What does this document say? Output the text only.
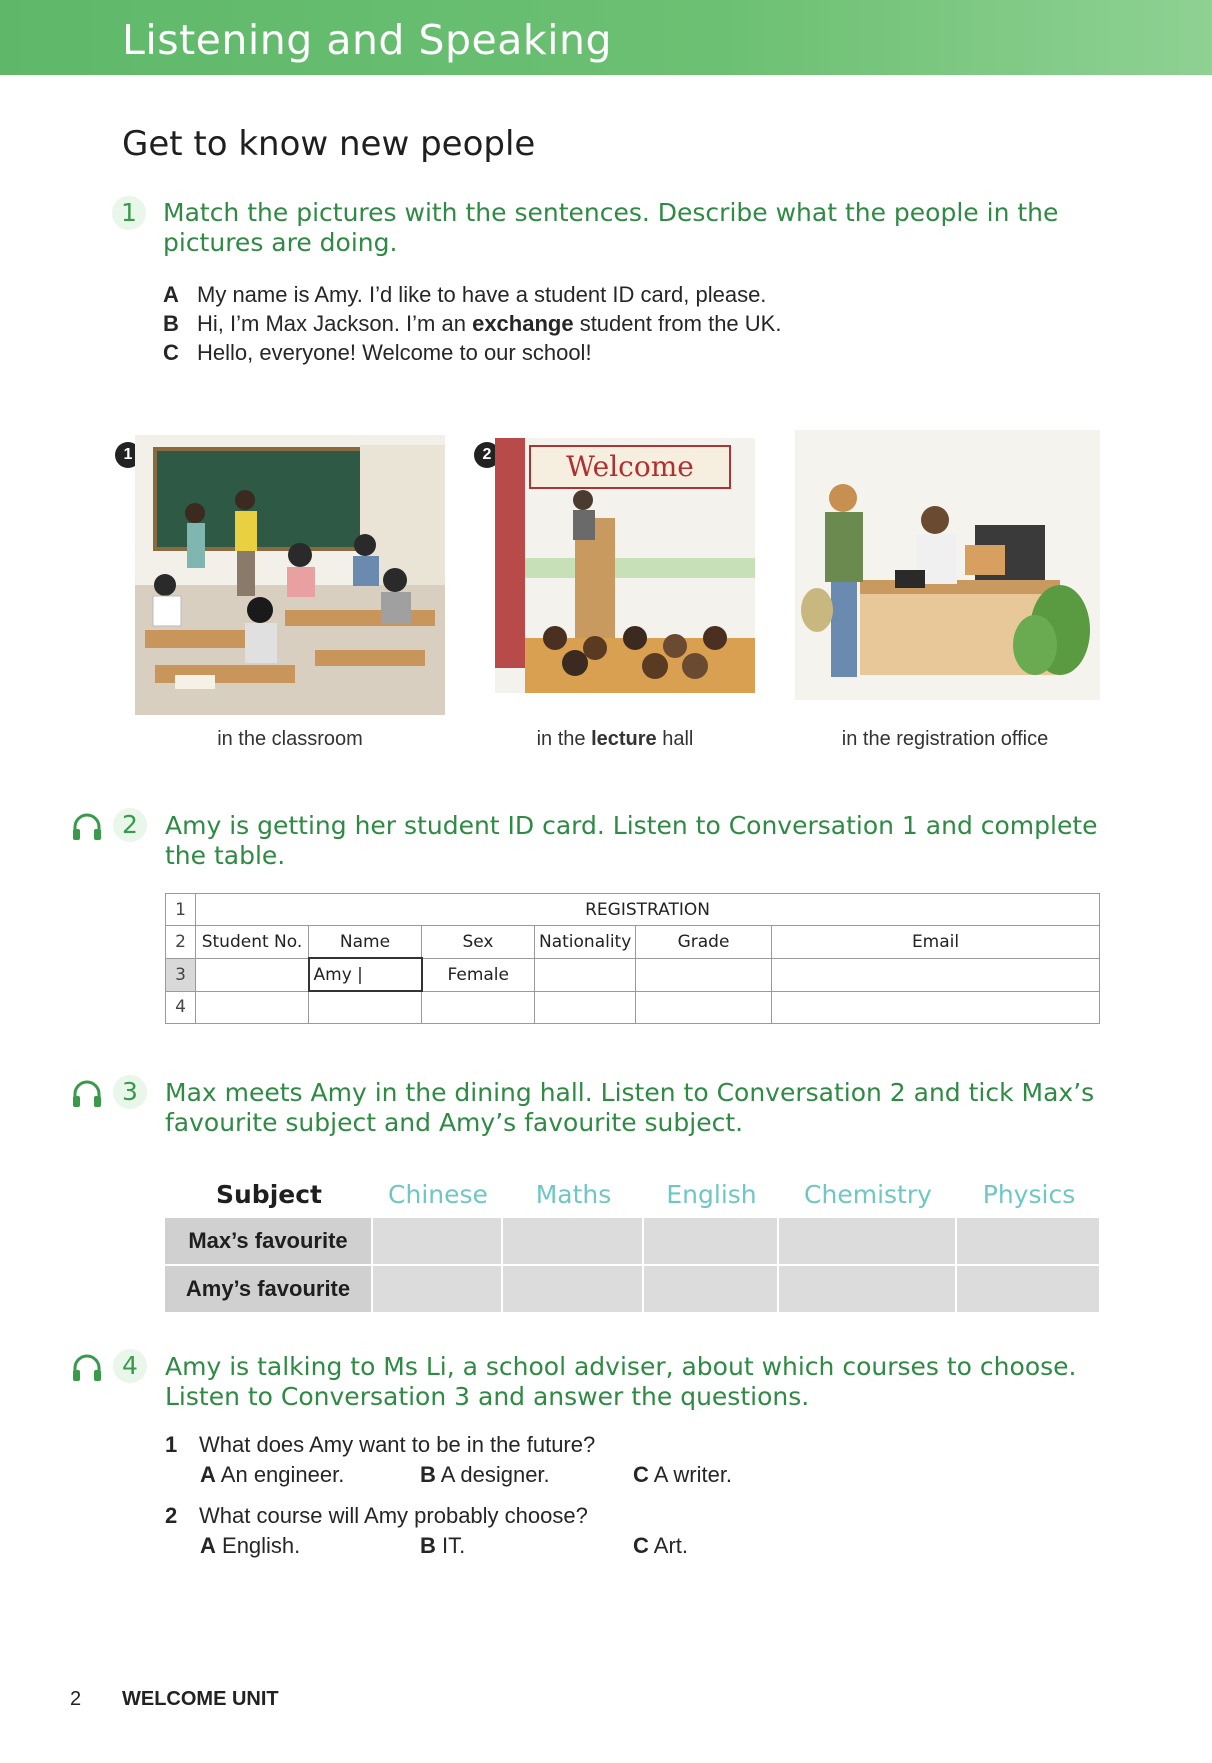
Listening and Speaking
Get to know new people
1	Match the pictures with the sentences. Describe what the people in the pictures are doing.
A My name is Amy. I’d like to have a student ID card, please.
B Hi, I’m Max Jackson. I’m an exchange student from the UK.
C Hello, everyone! Welcome to our school!
1
in the classroom
2	Welcome
in the lecture hall	in the registration office
2	Amy is getting her student ID card. Listen to Conversation 1 and complete the table.
1	REGISTRATION					
2	Student No.	Name	Sex	Nationality	Grade	Email
3		Amy |	Female			
4						
3	Max meets Amy in the dining hall. Listen to Conversation 2 and tick Max’s favourite subject and Amy’s favourite subject.
Subject	Chinese	Maths	English	Chemistry	Physics
Max’s favourite					
Amy’s favourite					
4	Amy is talking to Ms Li, a school adviser, about which courses to choose. Listen to Conversation 3 and answer the questions.
1 What does Amy want to be in the future?
A An engineer.	B A designer.	C A writer.
2 What course will Amy probably choose?
A English.	B IT.	C Art.
2 WELCOME UNIT
